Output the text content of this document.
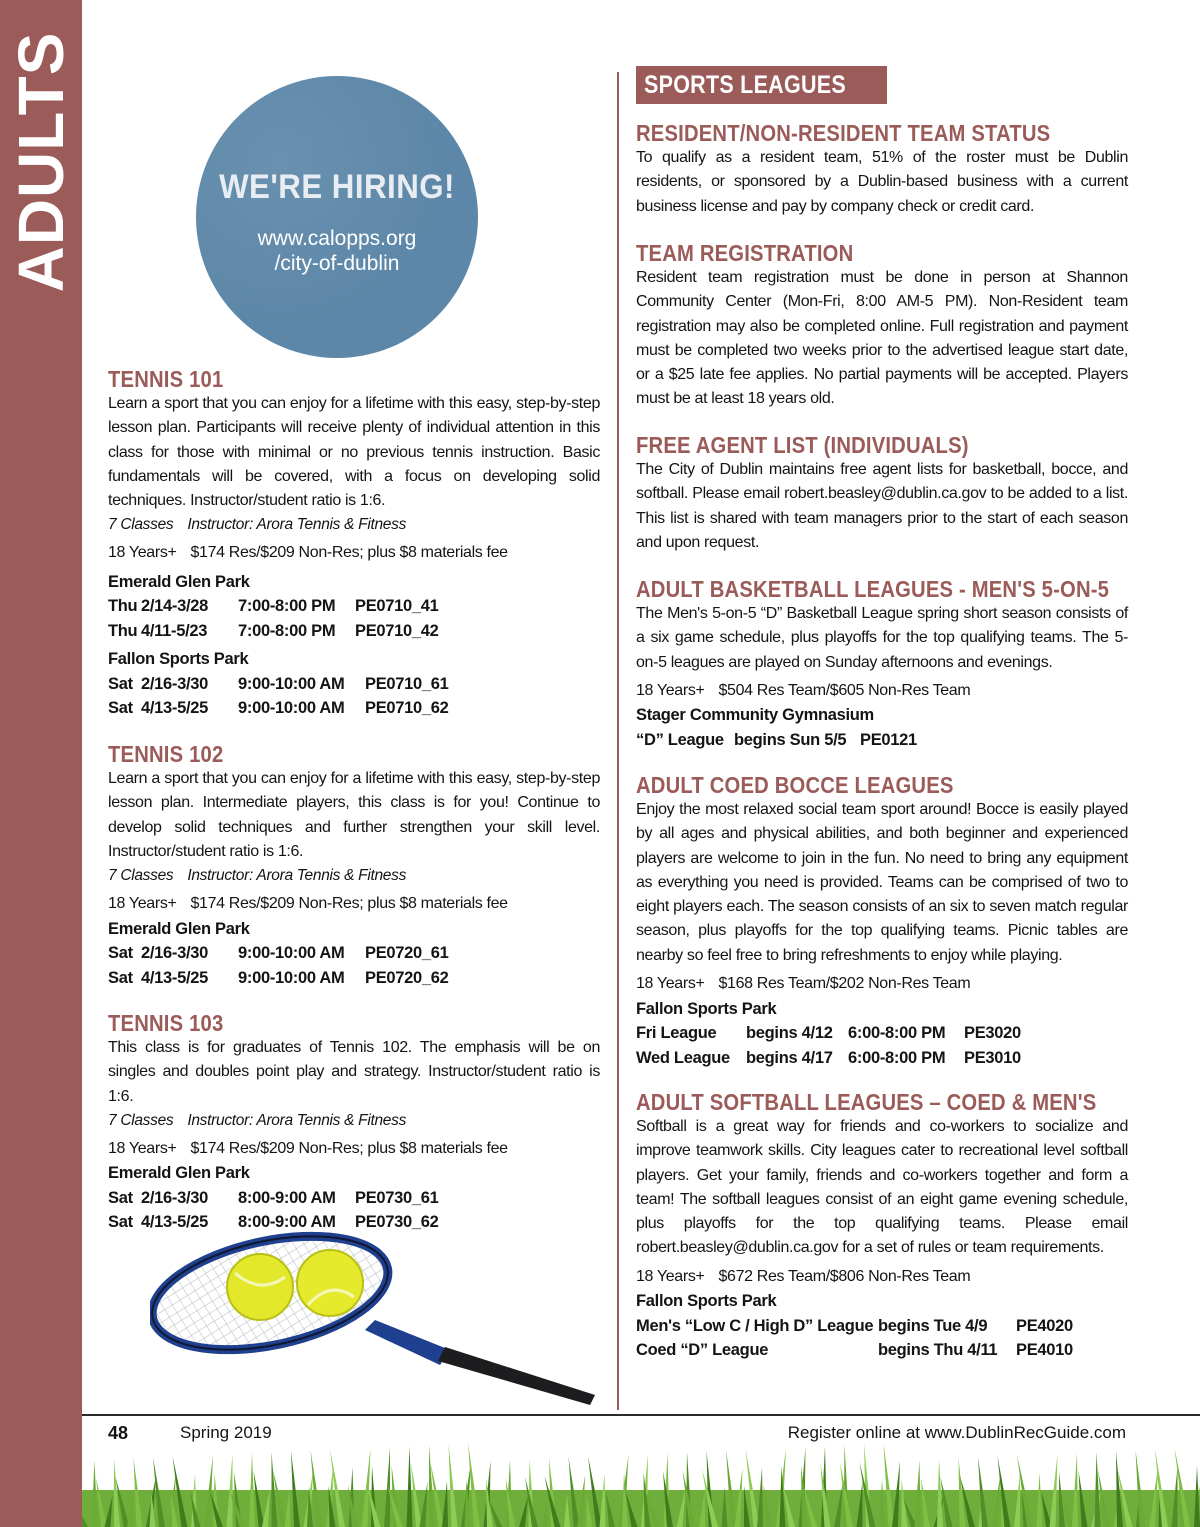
ADULTS	WE'RE HIRING!
www.calopps.org
/city-of-dublin
TENNIS 101

Learn a sport that you can enjoy for a lifetime with this easy, step-by-step lesson plan. Participants will receive plenty of individual attention in this class for those with minimal or no previous tennis instruction. Basic fundamentals will be covered, with a focus on developing solid techniques. Instructor/student ratio is 1:6.

7 Classes Instructor: Arora Tennis & Fitness
18 Years+ $174 Res/$209 Non-Res; plus $8 materials fee
Emerald Glen Park
Thu 2/14-3/28 7:00-8:00 PM PE0710_41
Thu 4/11-5/23 7:00-8:00 PM PE0710_42
Fallon Sports Park
Sat 2/16-3/30 9:00-10:00 AM PE0710_61
Sat 4/13-5/25 9:00-10:00 AM PE0710_62
TENNIS 102

Learn a sport that you can enjoy for a lifetime with this easy, step-by-step lesson plan. Intermediate players, this class is for you! Continue to develop solid techniques and further strengthen your skill level. Instructor/student ratio is 1:6.

7 Classes Instructor: Arora Tennis & Fitness
18 Years+ $174 Res/$209 Non-Res; plus $8 materials fee
Emerald Glen Park
Sat 2/16-3/30 9:00-10:00 AM PE0720_61
Sat 4/13-5/25 9:00-10:00 AM PE0720_62
TENNIS 103

This class is for graduates of Tennis 102. The emphasis will be on singles and doubles point play and strategy. Instructor/student ratio is 1:6.

7 Classes Instructor: Arora Tennis & Fitness
18 Years+ $174 Res/$209 Non-Res; plus $8 materials fee
Emerald Glen Park
Sat 2/16-3/30 8:00-9:00 AM PE0730_61
Sat 4/13-5/25 8:00-9:00 AM PE0730_62
SPORTS LEAGUES
RESIDENT/NON-RESIDENT TEAM STATUS

To qualify as a resident team, 51% of the roster must be Dublin residents, or sponsored by a Dublin-based business with a current business license and pay by company check or credit card.

TEAM REGISTRATION

Resident team registration must be done in person at Shannon Community Center (Mon-Fri, 8:00 AM-5 PM). Non-Resident team registration may also be completed online. Full registration and payment must be completed two weeks prior to the advertised league start date, or a $25 late fee applies. No partial payments will be accepted. Players must be at least 18 years old.

FREE AGENT LIST (INDIVIDUALS)

The City of Dublin maintains free agent lists for basketball, bocce, and softball. Please email robert.beasley@dublin.ca.gov to be added to a list. This list is shared with team managers prior to the start of each season and upon request.

ADULT BASKETBALL LEAGUES - MEN'S 5-ON-5

The Men's 5-on-5 “D” Basketball League spring short season consists of a six game schedule, plus playoffs for the top qualifying teams. The 5-on-5 leagues are played on Sunday afternoons and evenings.

18 Years+ $504 Res Team/$605 Non-Res Team
Stager Community Gymnasium
“D” League begins Sun 5/5 PE0121
ADULT COED BOCCE LEAGUES

Enjoy the most relaxed social team sport around! Bocce is easily played by all ages and physical abilities, and both beginner and experienced players are welcome to join in the fun. No need to bring any equipment as everything you need is provided. Teams can be comprised of two to eight players each. The season consists of an six to seven match regular season, plus playoffs for the top qualifying teams. Picnic tables are nearby so feel free to bring refreshments to enjoy while playing.

18 Years+ $168 Res Team/$202 Non-Res Team
Fallon Sports Park
Fri League begins 4/12 6:00-8:00 PM PE3020
Wed League begins 4/17 6:00-8:00 PM PE3010
ADULT SOFTBALL LEAGUES – COED & MEN'S

Softball is a great way for friends and co-workers to socialize and improve teamwork skills. City leagues cater to recreational level softball players. Get your family, friends and co-workers together and form a team! The softball leagues consist of an eight game evening schedule, plus playoffs for the top qualifying teams. Please email robert.beasley@dublin.ca.gov for a set of rules or team requirements.

18 Years+ $672 Res Team/$806 Non-Res Team
Fallon Sports Park
Men's “Low C / High D” League begins Tue 4/9 PE4020
Coed “D” League	begins Thu 4/11 PE4010
48	Spring 2019	Register online at www.DublinRecGuide.com
